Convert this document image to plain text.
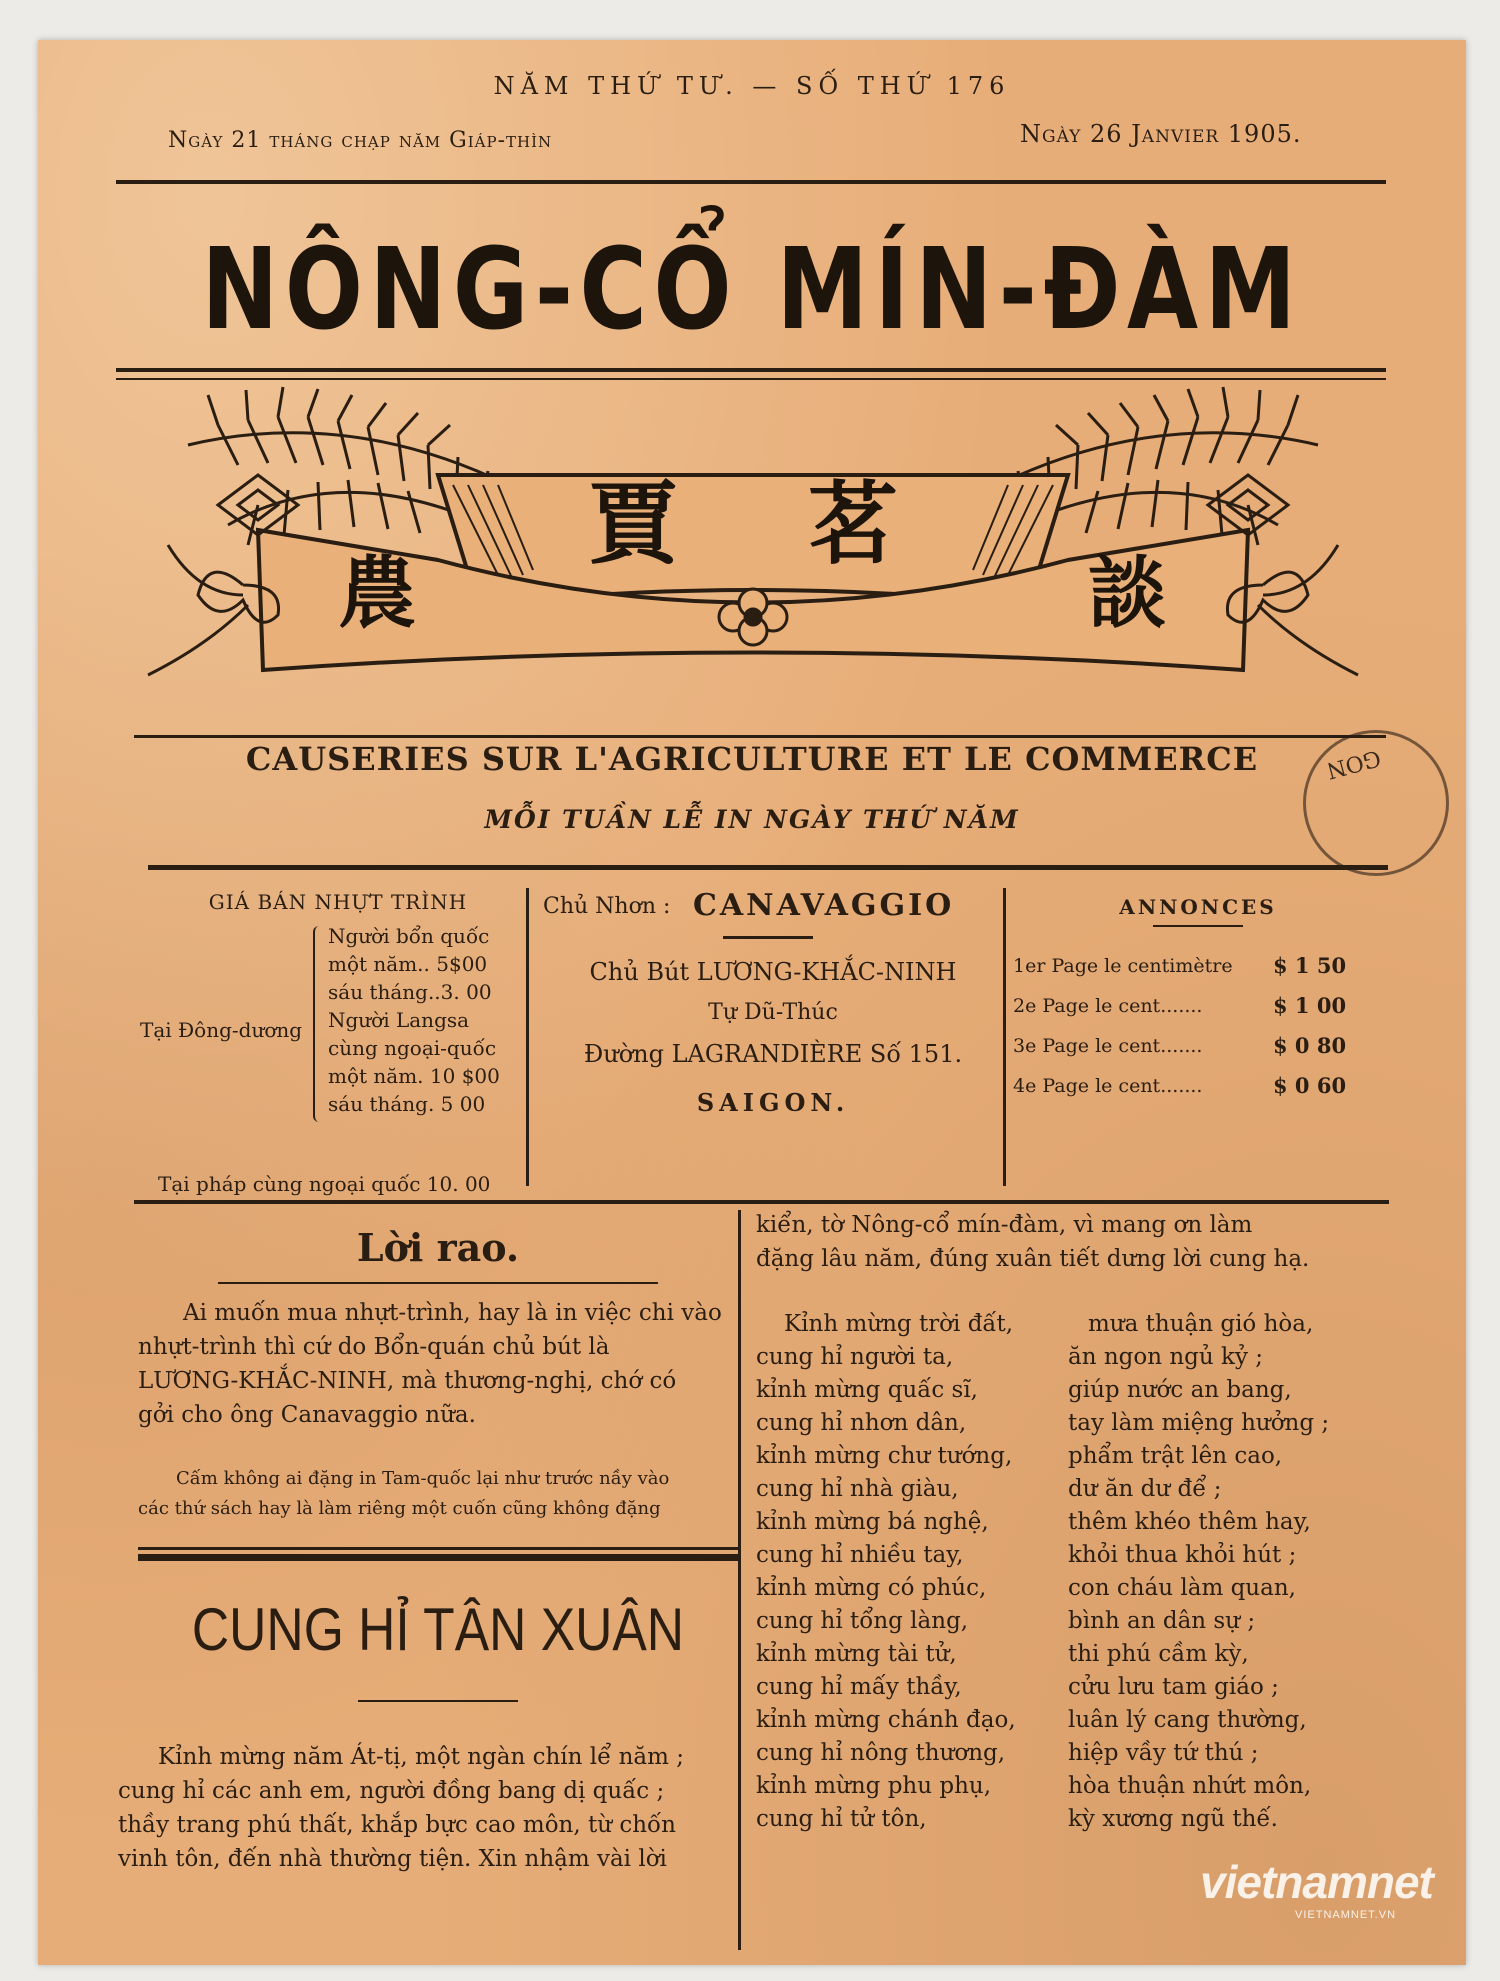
NĂM THỨ TƯ. — SỐ THỨ 176
Ngày 21 tháng chạp năm Giáp-thìn	Ngày 26 Janvier 1905.
NÔNG-CỔ MÍN-ĐÀM
農
賈 茗
談
GON
CAUSERIES SUR L'AGRICULTURE ET LE COMMERCE
MỖI TUẦN LỄ IN NGÀY THỨ NĂM
GIÁ BÁN NHỰT TRÌNH
Tại Đông-dương
Người bổn quốc
một năm.. 5$00
sáu tháng..3. 00
Người Langsa
cùng ngoại-quốc
một năm. 10 $00
sáu tháng. 5 00
Tại pháp cùng ngoại quốc 10. 00
Chủ Nhơn : CANAVAGGIO
Chủ Bút LƯƠNG-KHẮC-NINH
Tự Dũ-Thúc
Đường LAGRANDIÈRE Số 151.
SAIGON.
ANNONCES
1er Page le centimètre $ 1 50
2e Page le cent.......	$ 1 00
3e Page le cent.......	$ 0 80
4e Page le cent.......	$ 0 60
Lời rao.
Ai muốn mua nhựt-trình, hay là in việc chi vào
nhựt-trình thì cứ do Bổn-quán chủ bút là
LƯƠNG-KHẮC-NINH, mà thương-nghị, chớ có
gởi cho ông Canavaggio nữa.
Cấm không ai đặng in Tam-quốc lại như trước nầy vào
các thứ sách hay là làm riêng một cuốn cũng không đặng
CUNG HỈ TÂN XUÂN
Kỉnh mừng năm Át-tị, một ngàn chín lể năm ;
cung hỉ các anh em, người đồng bang dị quấc ;
thầy trang phú thất, khắp bực cao môn, từ chốn
vinh tôn, đến nhà thường tiện. Xin nhậm vài lời
kiển, tờ Nông-cổ mín-đàm, vì mang ơn làm
đặng lâu năm, đúng xuân tiết dưng lời cung hạ.
Kỉnh mừng trời đất,
cung hỉ người ta,
kỉnh mừng quấc sĩ,
cung hỉ nhơn dân,
kỉnh mừng chư tướng,
cung hỉ nhà giàu,
kỉnh mừng bá nghệ,
cung hỉ nhiều tay,
kỉnh mừng có phúc,
cung hỉ tổng làng,
kỉnh mừng tài tử,
cung hỉ mấy thầy,
kỉnh mừng chánh đạo,
cung hỉ nông thương,
kỉnh mừng phu phụ,
cung hỉ tử tôn,
mưa thuận gió hòa,
ăn ngon ngủ kỷ ;
giúp nước an bang,
tay làm miệng hưởng ;
phẩm trật lên cao,
dư ăn dư để ;
thêm khéo thêm hay,
khỏi thua khỏi hút ;
con cháu làm quan,
bình an dân sự ;
thi phú cầm kỳ,
cửu lưu tam giáo ;
luân lý cang thường,
hiệp vầy tứ thú ;
hòa thuận nhứt môn,
kỳ xương ngũ thế.
vietnamnet
VIETNAMNET.VN
